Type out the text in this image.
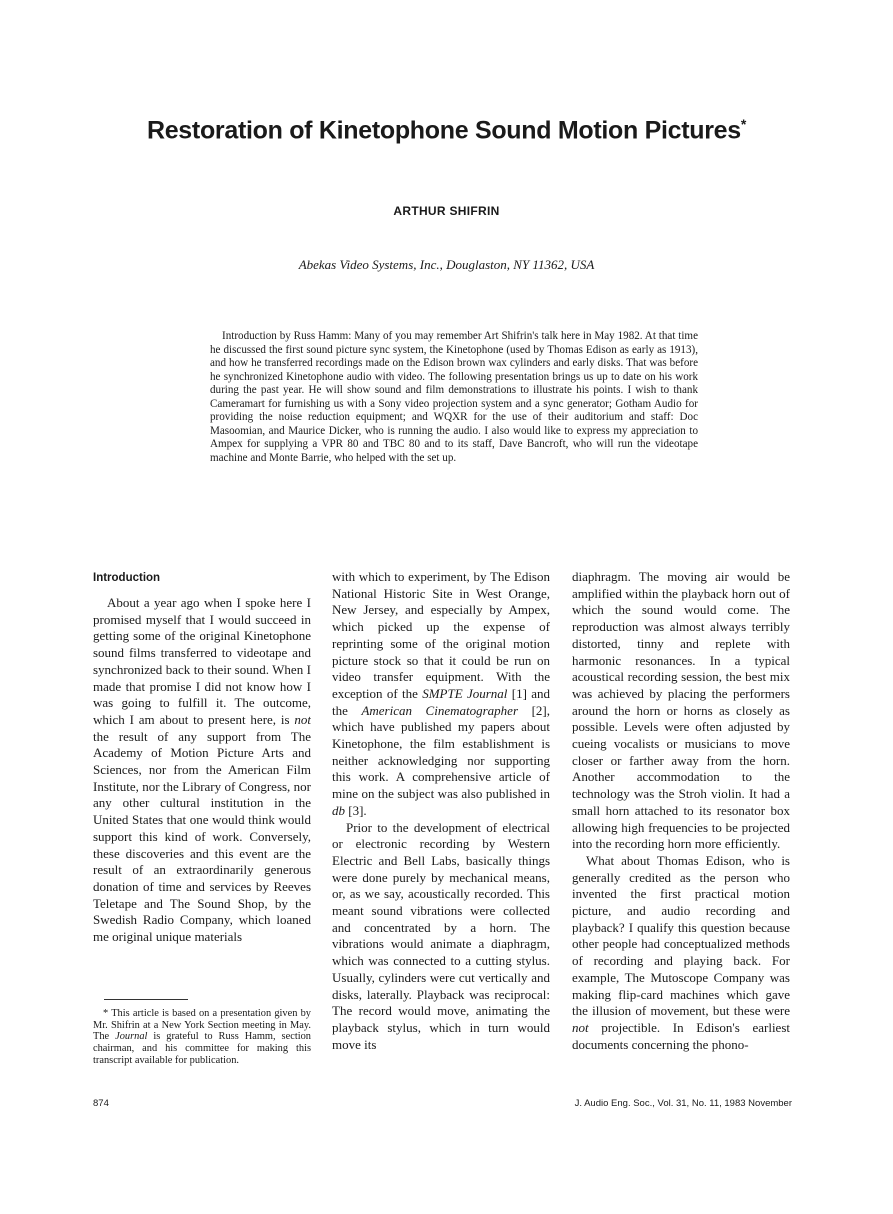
Restoration of Kinetophone Sound Motion Pictures*
ARTHUR SHIFRIN
Abekas Video Systems, Inc., Douglaston, NY 11362, USA
Introduction by Russ Hamm: Many of you may remember Art Shifrin's talk here in May 1982. At that time he discussed the first sound picture sync system, the Kinetophone (used by Thomas Edison as early as 1913), and how he transferred recordings made on the Edison brown wax cylinders and early disks. That was before he synchronized Kinetophone audio with video. The following presentation brings us up to date on his work during the past year. He will show sound and film demonstrations to illustrate his points. I wish to thank Cameramart for furnishing us with a Sony video projection system and a sync generator; Gotham Audio for providing the noise reduction equipment; and WQXR for the use of their auditorium and staff: Doc Masoomian, and Maurice Dicker, who is running the audio. I also would like to express my appreciation to Ampex for supplying a VPR 80 and TBC 80 and to its staff, Dave Bancroft, who will run the videotape machine and Monte Barrie, who helped with the set up.
Introduction

About a year ago when I spoke here I promised myself that I would succeed in getting some of the original Kinetophone sound films transferred to videotape and synchronized back to their sound. When I made that promise I did not know how I was going to fulfill it. The outcome, which I am about to present here, is not the result of any support from The Academy of Motion Picture Arts and Sciences, nor from the American Film Institute, nor the Library of Congress, nor any other cultural institution in the United States that one would think would support this kind of work. Conversely, these discoveries and this event are the result of an extraordinarily generous donation of time and services by Reeves Teletape and The Sound Shop, by the Swedish Radio Company, which loaned me original unique materials

with which to experiment, by The Edison National Historic Site in West Orange, New Jersey, and especially by Ampex, which picked up the expense of reprinting some of the original motion picture stock so that it could be run on video transfer equipment. With the exception of the SMPTE Journal [1] and the American Cinematographer [2], which have published my papers about Kinetophone, the film establishment is neither acknowledging nor supporting this work. A comprehensive article of mine on the subject was also published in db [3].

Prior to the development of electrical or electronic recording by Western Electric and Bell Labs, basically things were done purely by mechanical means, or, as we say, acoustically recorded. This meant sound vibrations were collected and concentrated by a horn. The vibrations would animate a diaphragm, which was connected to a cutting stylus. Usually, cylinders were cut vertically and disks, laterally. Playback was reciprocal: The record would move, animating the playback stylus, which in turn would move its

diaphragm. The moving air would be amplified within the playback horn out of which the sound would come. The reproduction was almost always terribly distorted, tinny and replete with harmonic resonances. In a typical acoustical recording session, the best mix was achieved by placing the performers around the horn or horns as closely as possible. Levels were often adjusted by cueing vocalists or musicians to move closer or farther away from the horn. Another accommodation to the technology was the Stroh violin. It had a small horn attached to its resonator box allowing high frequencies to be projected into the recording horn more efficiently.

What about Thomas Edison, who is generally credited as the person who invented the first practical motion picture, and audio recording and playback? I qualify this question because other people had conceptualized methods of recording and playing back. For example, The Mutoscope Company was making flip-card machines which gave the illusion of movement, but these were not projectible. In Edison's earliest documents concerning the phono-

* This article is based on a presentation given by Mr. Shifrin at a New York Section meeting in May. The Journal is grateful to Russ Hamm, section chairman, and his committee for making this transcript available for publication.
874	J. Audio Eng. Soc., Vol. 31, No. 11, 1983 November
